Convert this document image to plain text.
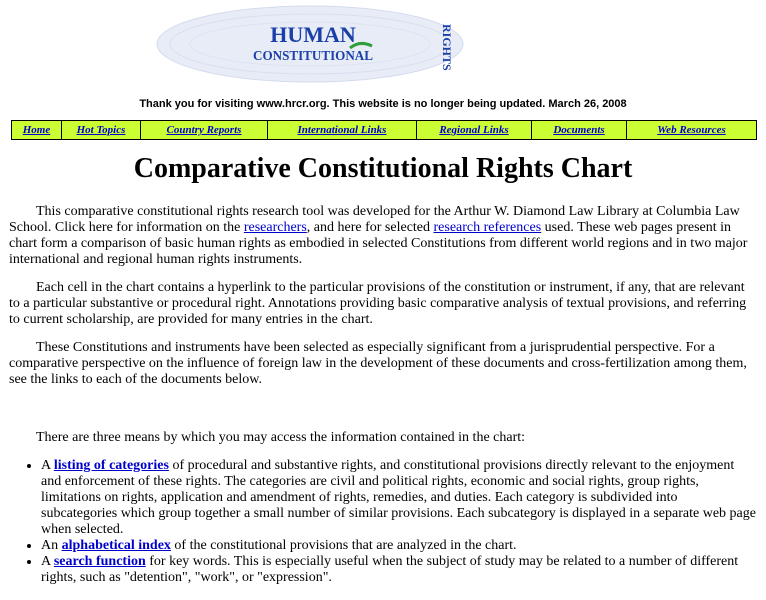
HUMAN
CONSTITUTIONAL	RIGHTS
Thank you for visiting www.hrcr.org. This website is no longer being updated. March 26, 2008
Home	Hot Topics	Country Reports	International Links	Regional Links	Documents	Web Resources
Comparative Constitutional Rights Chart

This comparative constitutional rights research tool was developed for the Arthur W. Diamond Law Library at Columbia Law School. Click here for information on the researchers, and here for selected research references used. These web pages present in chart form a comparison of basic human rights as embodied in selected Constitutions from different world regions and in two major international and regional human rights instruments.

Each cell in the chart contains a hyperlink to the particular provisions of the constitution or instrument, if any, that are relevant to a particular substantive or procedural right. Annotations providing basic comparative analysis of textual provisions, and referring to current scholarship, are provided for many entries in the chart.

These Constitutions and instruments have been selected as especially significant from a jurisprudential perspective. For a comparative perspective on the influence of foreign law in the development of these documents and cross-fertilization among them, see the links to each of the documents below.

There are three means by which you may access the information contained in the chart:

• A listing of categories of procedural and substantive rights, and constitutional provisions directly relevant to the enjoyment and enforcement of these rights. The categories are civil and political rights, economic and social rights, group rights, limitations on rights, application and amendment of rights, remedies, and duties. Each category is subdivided into subcategories which group together a small number of similar provisions. Each subcategory is displayed in a separate web page when selected.
• An alphabetical index of the constitutional provisions that are analyzed in the chart.
• A search function for key words. This is especially useful when the subject of study may be related to a number of different rights, such as "detention", "work", or "expression".
